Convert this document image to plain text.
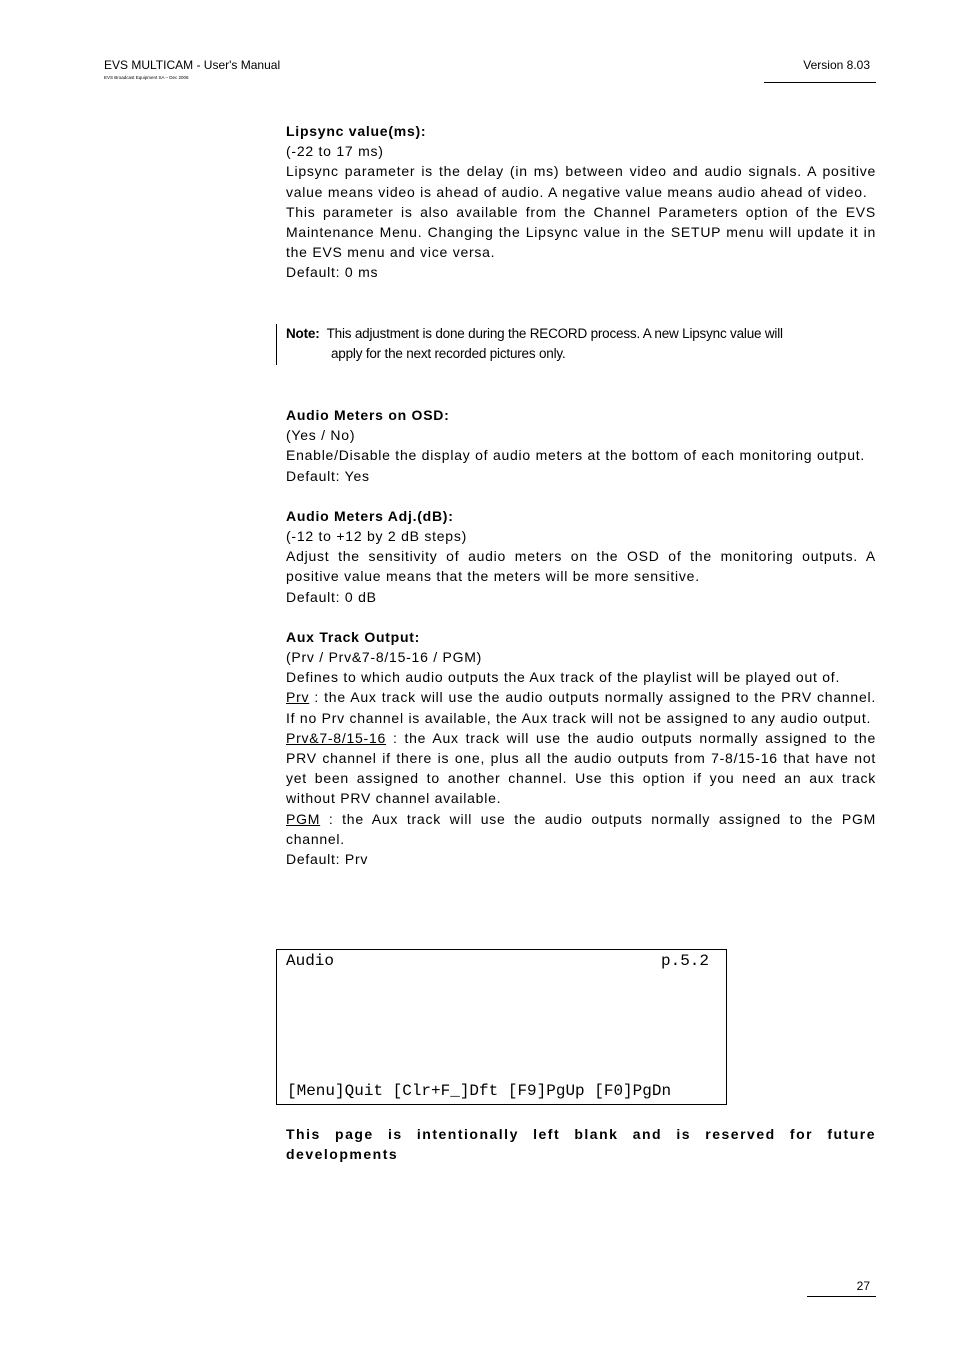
EVS MULTICAM - User's Manual
EVS Broadcast Equipment SA – Dec 2006
Version 8.03

Lipsync value(ms):

(-22 to 17 ms)

Lipsync parameter is the delay (in ms) between video and audio signals. A positive value means video is ahead of audio. A negative value means audio ahead of video.

This parameter is also available from the Channel Parameters option of the EVS Maintenance Menu. Changing the Lipsync value in the SETUP menu will update it in the EVS menu and vice versa.

Default: 0 ms

Note: This adjustment is done during the RECORD process. A new Lipsync value will
apply for the next recorded pictures only.

Audio Meters on OSD:

(Yes / No)

Enable/Disable the display of audio meters at the bottom of each monitoring output.

Default: Yes

Audio Meters Adj.(dB):

(-12 to +12 by 2 dB steps)

Adjust the sensitivity of audio meters on the OSD of the monitoring outputs. A positive value means that the meters will be more sensitive.

Default: 0 dB

Aux Track Output:

(Prv / Prv&7-8/15-16 / PGM)

Defines to which audio outputs the Aux track of the playlist will be played out of.

Prv : the Aux track will use the audio outputs normally assigned to the PRV channel. If no Prv channel is available, the Aux track will not be assigned to any audio output.

Prv&7-8/15-16 : the Aux track will use the audio outputs normally assigned to the PRV channel if there is one, plus all the audio outputs from 7-8/15-16 that have not yet been assigned to another channel. Use this option if you need an aux track without PRV channel available.

PGM : the Aux track will use the audio outputs normally assigned to the PGM channel.

Default: Prv

Audio	p.5.2
[Menu]Quit [Clr+F_]Dft [F9]PgUp [F0]PgDn
This page is intentionally left blank and is reserved for future developments
27
